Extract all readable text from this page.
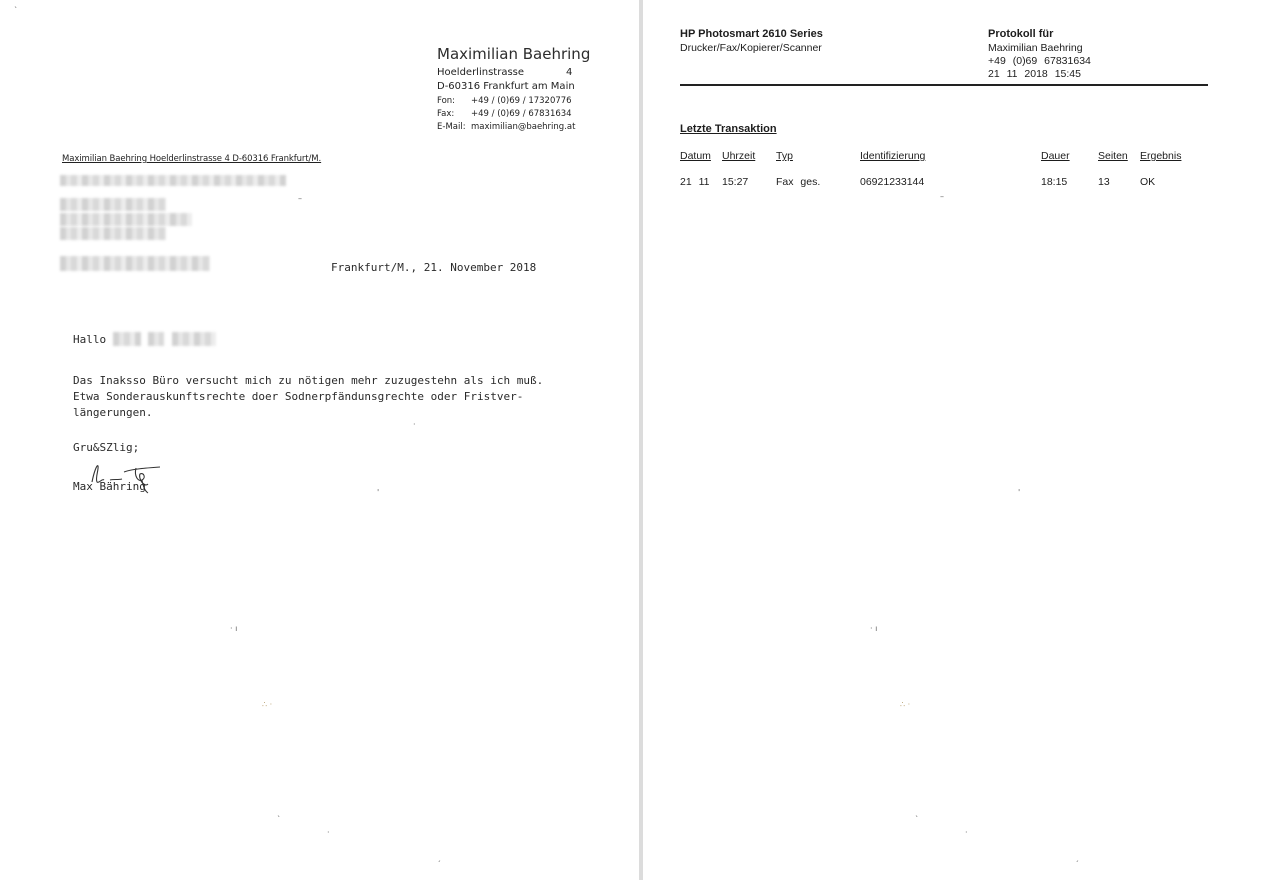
ˋ
Maximilian Baehring
Hoelderlinstrasse	4
D-60316 Frankfurt am Main
Fon: +49 / (0)69 / 17320776
Fax: +49 / (0)69 / 67831634
E-Mail: maximilian@baehring.at
Maximilian Baehring Hoelderlinstrasse 4 D-60316 Frankfurt/M.
–
Frankfurt/M., 21. November 2018
Hallo
Das Inaksso Büro versucht mich zu nötigen mehr zuzugestehn als ich muß.
Etwa Sonderauskunftsrechte doer Sodnerpfändunsgrechte oder Fristver-
längerungen.
·
Gru&SZlig;
Max Bähring	'
· ı
∴ ·
ˎ
·
ˏ
HP Photosmart 2610 Series
Drucker/Fax/Kopierer/Scanner
Protokoll für
Maximilian Baehring
+49 (0)69 67831634
21 11 2018 15:45
Letzte Transaktion
Datum Uhrzeit Typ	Identifizierung	Dauer	Seiten Ergebnis
21 11 15:27	Fax ges.	06921233144	18:15	13	OK
–
'
· ı
∴ ·
ˎ
·
ˏ
